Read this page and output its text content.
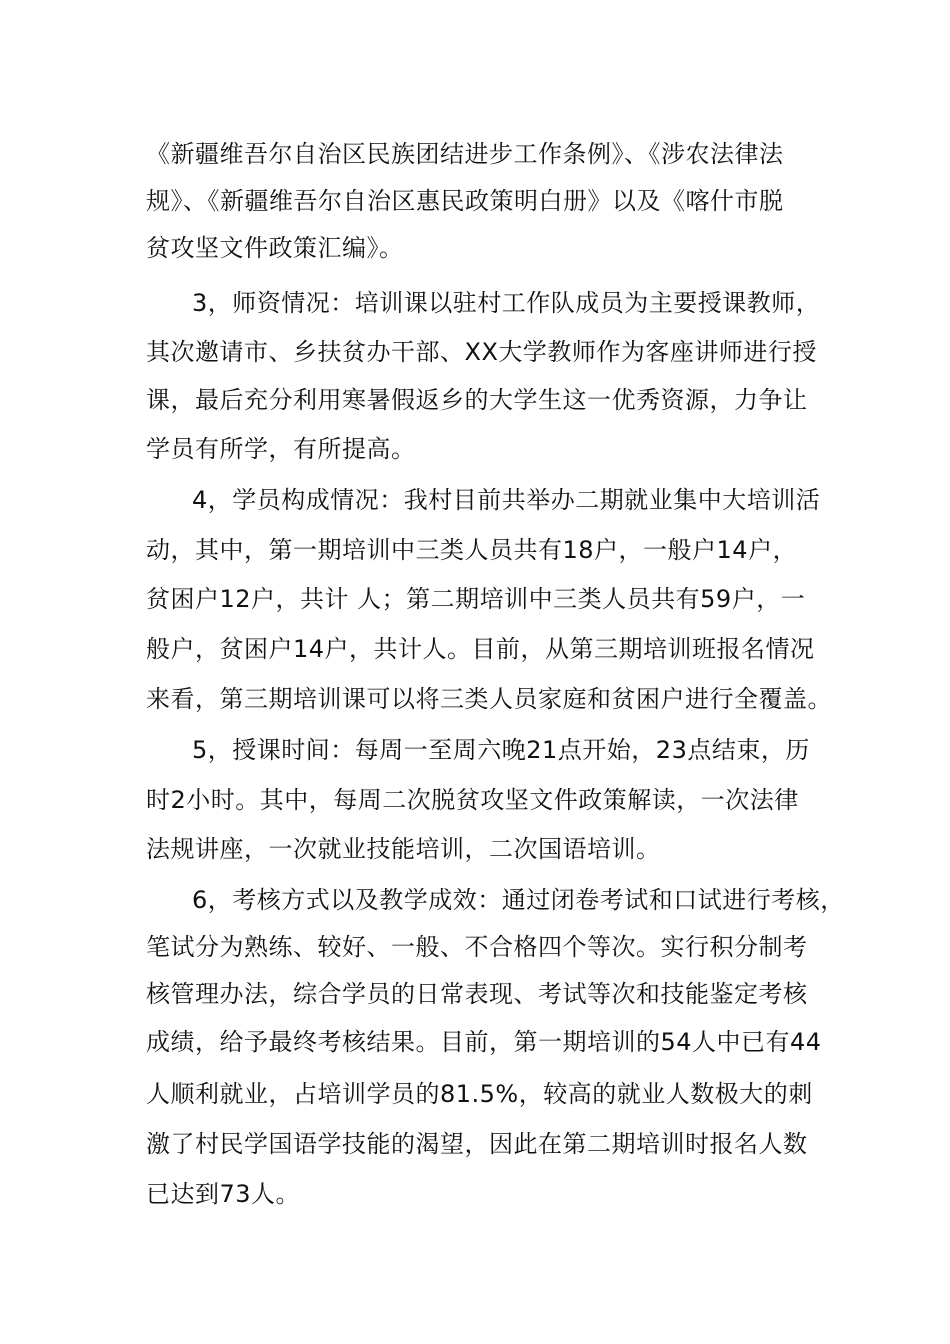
《新疆维吾尔自治区民族团结进步工作条例》、《涉农法律法
规》、《新疆维吾尔自治区惠民政策明白册》以及《喀什市脱
贫攻坚文件政策汇编》。
3，师资情况：培训课以驻村工作队成员为主要授课教师，
其次邀请市、乡扶贫办干部、XX大学教师作为客座讲师进行授
课，最后充分利用寒暑假返乡的大学生这一优秀资源，力争让
学员有所学，有所提高。
4，学员构成情况：我村目前共举办二期就业集中大培训活
动，其中，第一期培训中三类人员共有18户，一般户14户，
贫困户12户，共计 人；第二期培训中三类人员共有59户，一
般户，贫困户14户，共计人。目前，从第三期培训班报名情况
来看，第三期培训课可以将三类人员家庭和贫困户进行全覆盖。
5，授课时间：每周一至周六晚21点开始，23点结束，历
时2小时。其中，每周二次脱贫攻坚文件政策解读，一次法律
法规讲座，一次就业技能培训，二次国语培训。
6，考核方式以及教学成效：通过闭卷考试和口试进行考核，
笔试分为熟练、较好、一般、不合格四个等次。实行积分制考
核管理办法，综合学员的日常表现、考试等次和技能鉴定考核
成绩，给予最终考核结果。目前，第一期培训的54人中已有44
人顺利就业，占培训学员的81.5%，较高的就业人数极大的刺
激了村民学国语学技能的渴望，因此在第二期培训时报名人数
已达到73人。
